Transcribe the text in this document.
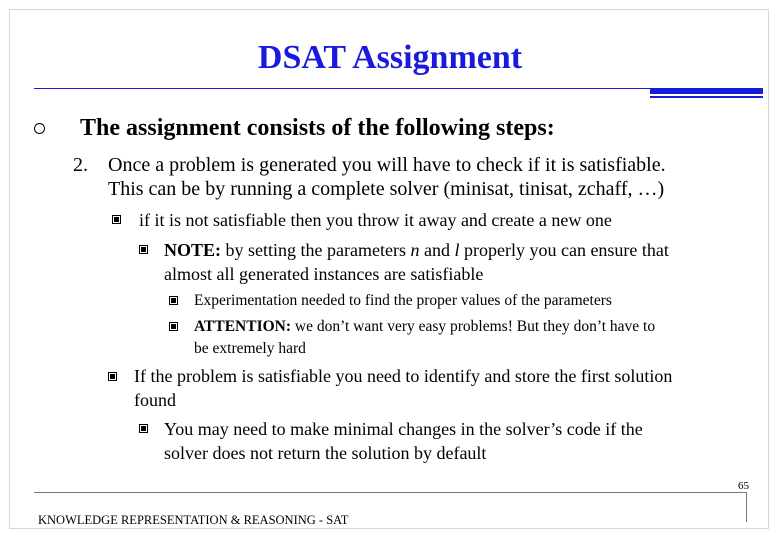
DSAT Assignment
The assignment consists of the following steps:
2. Once a problem is generated you will have to check if it is satisfiable.
This can be by running a complete solver (minisat, tinisat, zchaff, …)
if it is not satisfiable then you throw it away and create a new one
NOTE: by setting the parameters n and l properly you can ensure that
almost all generated instances are satisfiable
Experimentation needed to find the proper values of the parameters
ATTENTION: we don’t want very easy problems! But they don’t have to
be extremely hard
If the problem is satisfiable you need to identify and store the first solution
found
You may need to make minimal changes in the solver’s code if the
solver does not return the solution by default
KNOWLEDGE REPRESENTATION & REASONING - SAT
65
